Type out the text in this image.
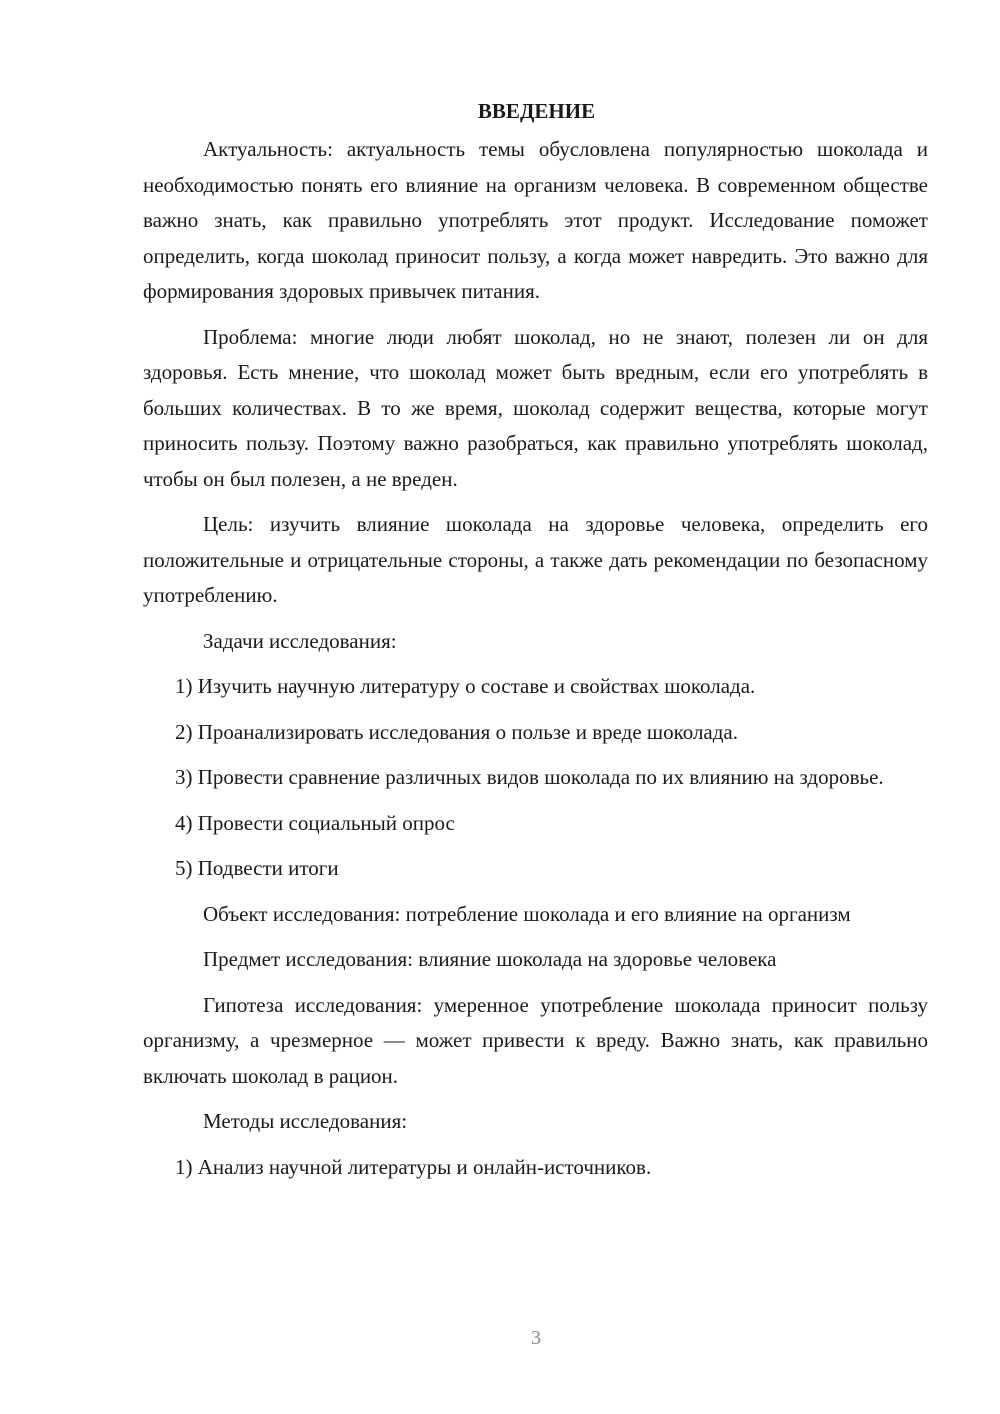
ВВЕДЕНИЕ

Актуальность: актуальность темы обусловлена популярностью шоколада и необходимостью понять его влияние на организм человека. В современном обществе важно знать, как правильно употреблять этот продукт. Исследование поможет определить, когда шоколад приносит пользу, а когда может навредить. Это важно для формирования здоровых привычек питания.

Проблема: многие люди любят шоколад, но не знают, полезен ли он для здоровья. Есть мнение, что шоколад может быть вредным, если его употреблять в больших количествах. В то же время, шоколад содержит вещества, которые могут приносить пользу. Поэтому важно разобраться, как правильно употреблять шоколад, чтобы он был полезен, а не вреден.

Цель: изучить влияние шоколада на здоровье человека, определить его положительные и отрицательные стороны, а также дать рекомендации по безопасному употреблению.

Задачи исследования:

1) Изучить научную литературу о составе и свойствах шоколада.

2) Проанализировать исследования о пользе и вреде шоколада.

3) Провести сравнение различных видов шоколада по их влиянию на здоровье.

4) Провести социальный опрос

5) Подвести итоги

Объект исследования: потребление шоколада и его влияние на организм

Предмет исследования: влияние шоколада на здоровье человека

Гипотеза исследования: умеренное употребление шоколада приносит пользу организму, а чрезмерное — может привести к вреду. Важно знать, как правильно включать шоколад в рацион.

Методы исследования:

1) Анализ научной литературы и онлайн-источников.

3
